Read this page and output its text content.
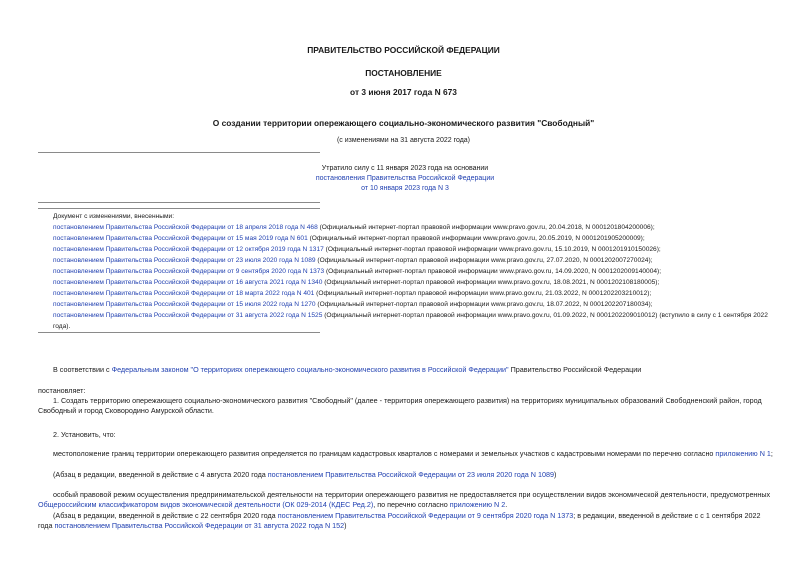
ПРАВИТЕЛЬСТВО РОССИЙСКОЙ ФЕДЕРАЦИИ
ПОСТАНОВЛЕНИЕ
от 3 июня 2017 года N 673
О создании территории опережающего социально-экономического развития "Свободный"
(с изменениями на 31 августа 2022 года)
Утратило силу с 11 января 2023 года на основании
постановления Правительства Российской Федерации
от 10 января 2023 года N 3
Документ с изменениями, внесенными:
постановлением Правительства Российской Федерации от 18 апреля 2018 года N 468 (Официальный интернет-портал правовой информации www.pravo.gov.ru, 20.04.2018, N 0001201804200006);
постановлением Правительства Российской Федерации от 15 мая 2019 года N 601 (Официальный интернет-портал правовой информации www.pravo.gov.ru, 20.05.2019, N 0001201905200009);
постановлением Правительства Российской Федерации от 12 октября 2019 года N 1317 (Официальный интернет-портал правовой информации www.pravo.gov.ru, 15.10.2019, N 0001201910150026);
постановлением Правительства Российской Федерации от 23 июля 2020 года N 1089 (Официальный интернет-портал правовой информации www.pravo.gov.ru, 27.07.2020, N 0001202007270024);
постановлением Правительства Российской Федерации от 9 сентября 2020 года N 1373 (Официальный интернет-портал правовой информации www.pravo.gov.ru, 14.09.2020, N 0001202009140004);
постановлением Правительства Российской Федерации от 16 августа 2021 года N 1340 (Официальный интернет-портал правовой информации www.pravo.gov.ru, 18.08.2021, N 0001202108180005);
постановлением Правительства Российской Федерации от 18 марта 2022 года N 401 (Официальный интернет-портал правовой информации www.pravo.gov.ru, 21.03.2022, N 0001202203210012);
постановлением Правительства Российской Федерации от 15 июля 2022 года N 1270 (Официальный интернет-портал правовой информации www.pravo.gov.ru, 18.07.2022, N 0001202207180034);
постановлением Правительства Российской Федерации от 31 августа 2022 года N 1525 (Официальный интернет-портал правовой информации www.pravo.gov.ru, 01.09.2022, N 0001202209010012) (вступило в силу с 1 сентября 2022 года).
В соответствии с Федеральным законом "О территориях опережающего социально-экономического развития в Российской Федерации" Правительство Российской Федерации
постановляет:
1. Создать территорию опережающего социально-экономического развития "Свободный" (далее - территория опережающего развития) на территориях муниципальных образований Свободненский район, город Свободный и город Сковородино Амурской области.
2. Установить, что:
местоположение границ территории опережающего развития определяется по границам кадастровых кварталов с номерами и земельных участков с кадастровыми номерами по перечню согласно приложению N 1;
(Абзац в редакции, введенной в действие с 4 августа 2020 года постановлением Правительства Российской Федерации от 23 июля 2020 года N 1089)
особый правовой режим осуществления предпринимательской деятельности на территории опережающего развития не предоставляется при осуществлении видов экономической деятельности, предусмотренных Общероссийским классификатором видов экономической деятельности (ОК 029-2014 (КДЕС Ред.2), по перечню согласно приложению N 2.
(Абзац в редакции, введенной в действие с 22 сентября 2020 года постановлением Правительства Российской Федерации от 9 сентября 2020 года N 1373; в редакции, введенной в действие с с 1 сентября 2022 года постановлением Правительства Российской Федерации от 31 августа 2022 года N 152)
